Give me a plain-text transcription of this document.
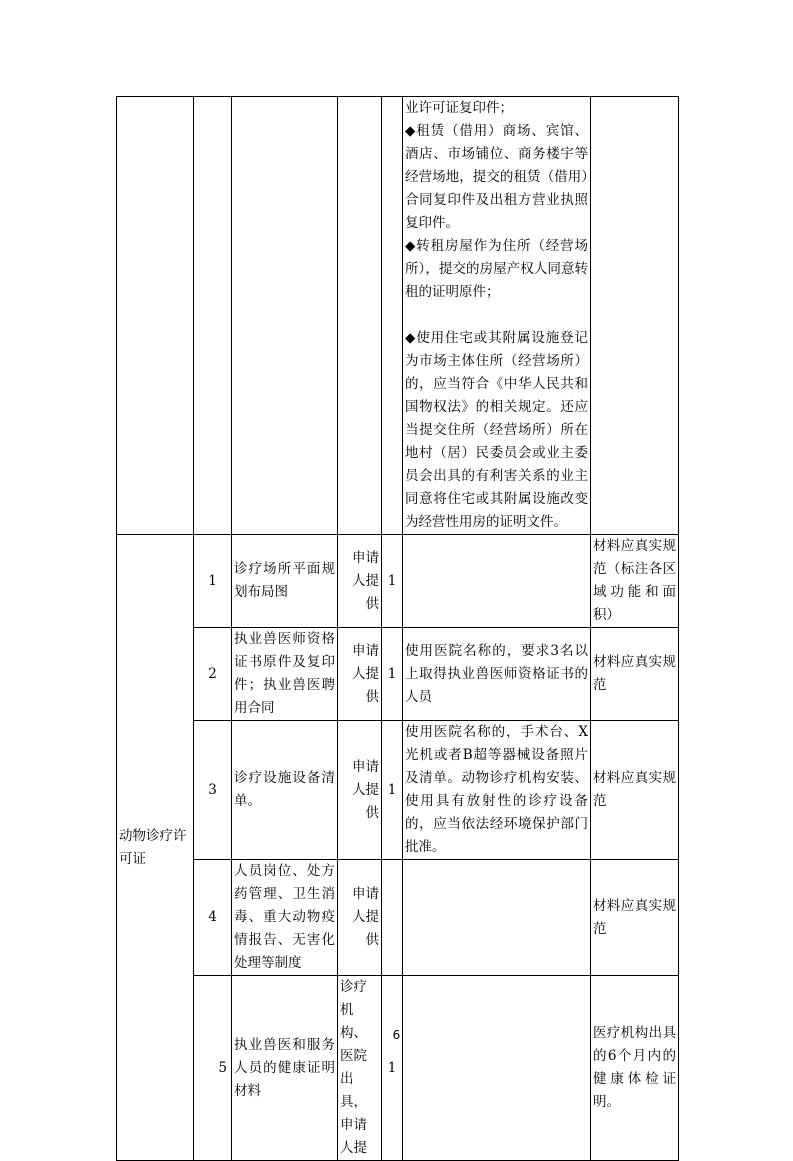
					业许可证复印件；
◆租赁（借用）商场、宾馆、酒店、市场铺位、商务楼宇等经营场地，提交的租赁（借用）合同复印件及出租方营业执照复印件。
◆转租房屋作为住所（经营场所），提交的房屋产权人同意转租的证明原件；
◆使用住宅或其附属设施登记为市场主体住所（经营场所）的，应当符合《中华人民共和国物权法》的相关规定。还应当提交住所（经营场所）所在地村（居）民委员会或业主委员会出具的有利害关系的业主同意将住宅或其附属设施改变为经营性用房的证明文件。	

动物诊疗许可证	1	诊疗场所平面规划布局图	申请人提供	1		材料应真实规范（标注各区域功能和面积）
	2	执业兽医师资格证书原件及复印件；执业兽医聘用合同	申请人提供	1	使用医院名称的，要求3名以上取得执业兽医师资格证书的人员	材料应真实规范
	3	诊疗设施设备清单。	申请人提供	1	使用医院名称的，手术台、X光机或者B超等器械设备照片及清单。动物诊疗机构安装、使用具有放射性的诊疗设备的，应当依法经环境保护部门批准。	材料应真实规范
	4	人员岗位、处方药管理、卫生消毒、重大动物疫情报告、无害化处理等制度	申请人提供			材料应真实规范
	5	执业兽医和服务人员的健康证明材料	诊疗机构、医院出具，申请人提	1		医疗机构出具的6个月内的健康体检证明。
6
